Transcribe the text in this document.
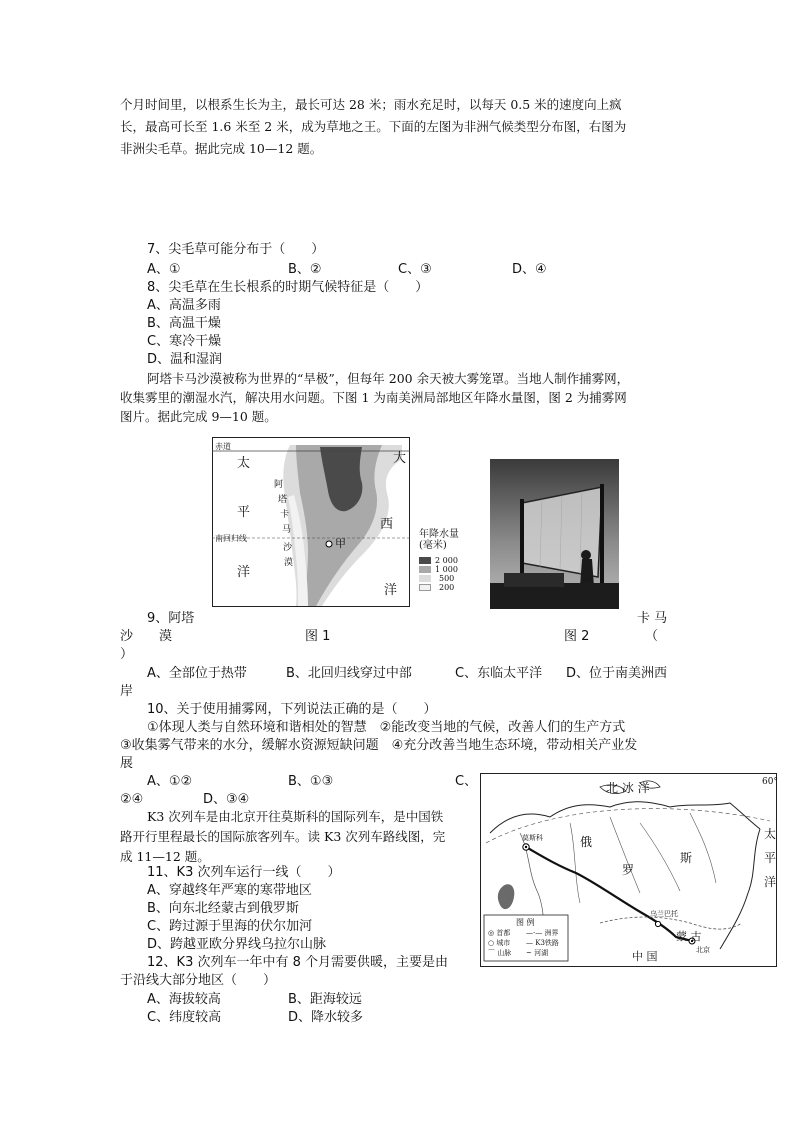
个月时间里，以根系生长为主，最长可达 28 米；雨水充足时，以每天 0.5 米的速度向上疯
长，最高可长至 1.6 米至 2 米，成为草地之王。下面的左图为非洲气候类型分布图，右图为
非洲尖毛草。据此完成 10—12 题。
7、尖毛草可能分布于（　　）
A、①	B、②	C、③	D、④
8、尖毛草在生长根系的时期气候特征是（　　）
A、高温多雨
B、高温干燥
C、寒冷干燥
D、温和湿润
阿塔卡马沙漠被称为世界的“旱极”，但每年 200 余天被大雾笼罩。当地人制作捕雾网，
收集雾里的潮湿水汽，解决用水问题。下图 1 为南美洲局部地区年降水量图，图 2 为捕雾网
图片。据此完成 9—10 题。
赤道
南回归线
太
平
洋
大
西
洋
阿
塔
卡
马
沙
漠
甲
年降水量
(毫米)
2 000
1 000
500
200
9、阿塔	卡 马
沙　　漠	图 1	图 2	（
）
A、全部位于热带	B、北回归线穿过中部	C、东临太平洋 D、位于南美洲西
岸
10、关于使用捕雾网，下列说法正确的是（　　）
①体现人类与自然环境和谐相处的智慧　②能改变当地的气候，改善人们的生产方式
③收集雾气带来的水分，缓解水资源短缺问题　④充分改善当地生态环境，带动相关产业发
展
A、①②	B、①③	C、
②④	D、③④
K3 次列车是由北京开往莫斯科的国际列车，是中国铁
路开行里程最长的国际旅客列车。读 K3 次列车路线图，完
成 11—12 题。
11、K3 次列车运行一线（　　）
A、穿越终年严寒的寒带地区
B、向东北经蒙古到俄罗斯
C、跨过源于里海的伏尔加河
D、跨越亚欧分界线乌拉尔山脉
12、K3 次列车一年中有 8 个月需要供暖，主要是由
于沿线大部分地区（　　）
A、海拔较高	B、距海较远
C、纬度较高	D、降水较多
北 冰 洋	60°
太
平
洋
俄
罗
斯
蒙 古
中 国
莫斯科
乌兰巴托
北京
图 例
◎ 首都 —·— 洲界
○ 城市 — K3铁路
⌒ 山脉 ~ 河湖
